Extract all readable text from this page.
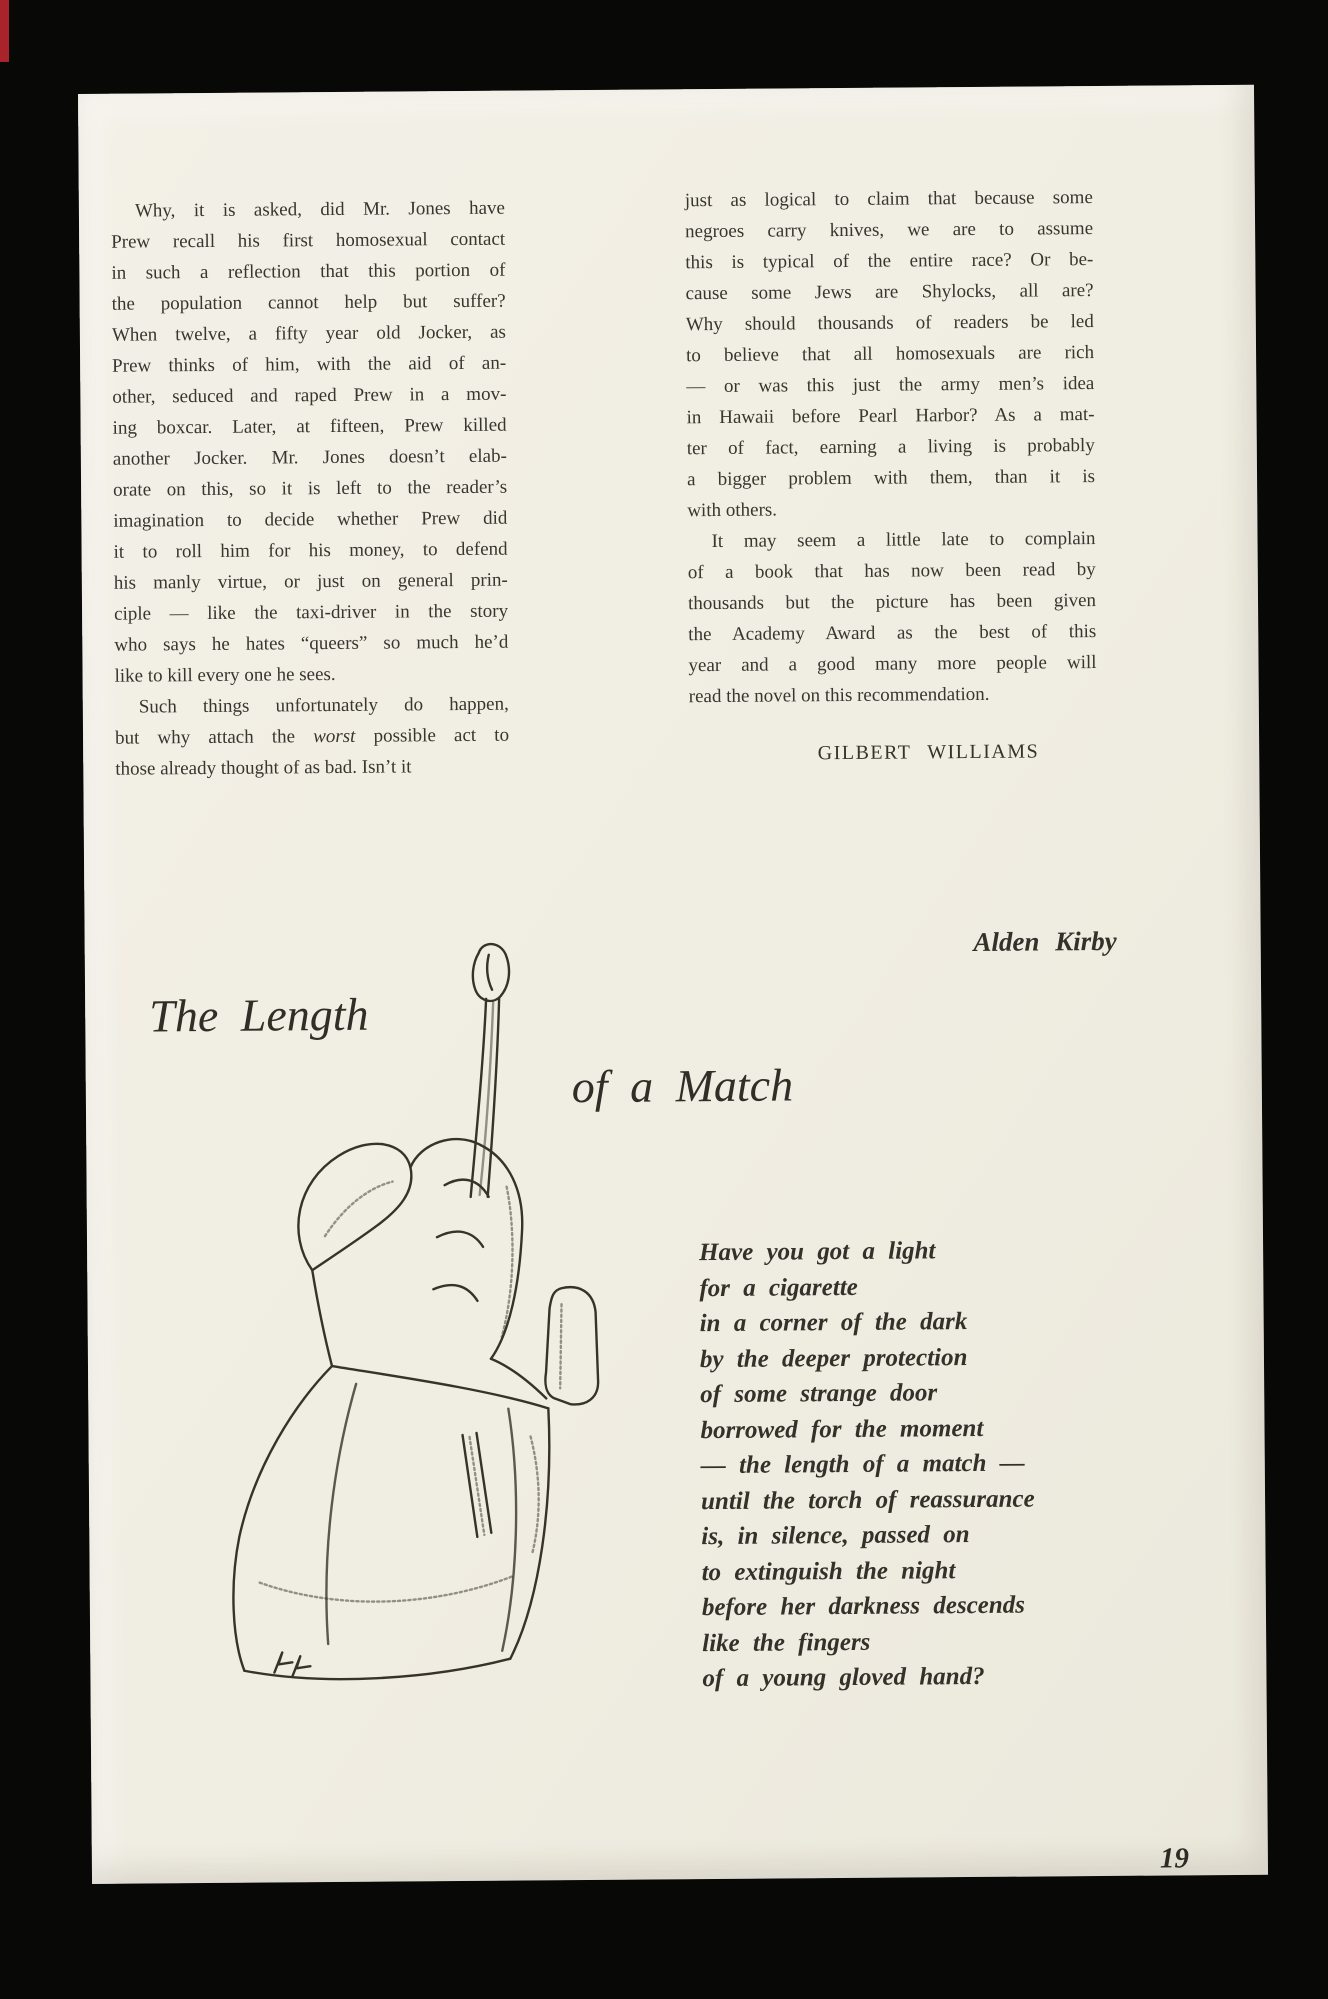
Why, it is asked, did Mr. Jones have
Prew recall his first homosexual contact
in such a reflection that this portion of
the population cannot help but suffer?
When twelve, a fifty year old Jocker, as
Prew thinks of him, with the aid of an-
other, seduced and raped Prew in a mov-
ing boxcar. Later, at fifteen, Prew killed
another Jocker. Mr. Jones doesn’t elab-
orate on this, so it is left to the reader’s
imagination to decide whether Prew did
it to roll him for his money, to defend
his manly virtue, or just on general prin-
ciple — like the taxi-driver in the story
who says he hates “queers” so much he’d
like to kill every one he sees.
Such things unfortunately do happen,
but why attach the worst possible act to
those already thought of as bad. Isn’t it
just as logical to claim that because some
negroes carry knives, we are to assume
this is typical of the entire race? Or be-
cause some Jews are Shylocks, all are?
Why should thousands of readers be led
to believe that all homosexuals are rich
— or was this just the army men’s idea
in Hawaii before Pearl Harbor? As a mat-
ter of fact, earning a living is probably
a bigger problem with them, than it is
with others.
It may seem a little late to complain
of a book that has now been read by
thousands but the picture has been given
the Academy Award as the best of this
year and a good many more people will
read the novel on this recommendation.
GILBERT WILLIAMS
Alden Kirby
The Length
of a Match
Have you got a light
for a cigarette
in a corner of the dark
by the deeper protection
of some strange door
borrowed for the moment
— the length of a match —
until the torch of reassurance
is, in silence, passed on
to extinguish the night
before her darkness descends
like the fingers
of a young gloved hand?
19
